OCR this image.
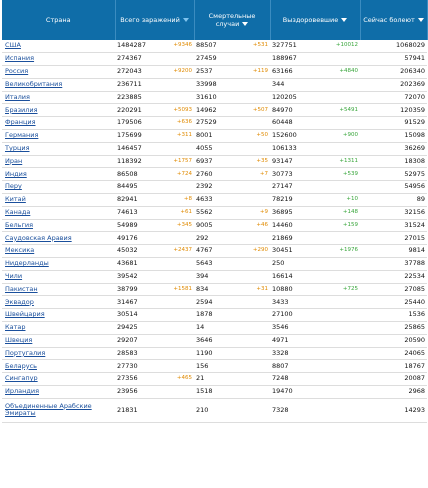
Страна	Всего заражений	Смертельные случаи	Выздоровевшие	Сейчас болеют
США	1484287 +9346	88507 +531	327751 +10012	1068029

Испания	274367	27459	188967	57941

Россия	272043 +9200	2537 +119	63166 +4840	206340

Великобритания	236711	33998	344	202369

Италия	223885	31610	120205	72070

Бразилия	220291 +5093	14962 +507	84970 +5491	120359

Франция	179506 +636	27529	60448	91529

Германия	175699 +311	8001 +50	152600 +900	15098

Турция	146457	4055	106133	36269

Иран	118392 +1757	6937 +35	93147 +1311	18308

Индия	86508 +724	2760 +7	30773 +539	52975

Перу	84495	2392	27147	54956

Китай	82941 +8	4633	78219 +10	89

Канада	74613 +61	5562 +9	36895 +148	32156

Бельгия	54989 +345	9005 +46	14460 +159	31524

Саудовская Аравия	49176	292	21869	27015

Мексика	45032 +2437	4767 +290	30451 +1976	9814

Нидерланды	43681	5643	250	37788

Чили	39542	394	16614	22534

Пакистан	38799 +1581	834 +31	10880 +725	27085

Эквадор	31467	2594	3433	25440

Швейцария	30514	1878	27100	1536

Катар	29425	14	3546	25865

Швеция	29207	3646	4971	20590

Португалия	28583	1190	3328	24065

Беларусь	27730	156	8807	18767

Сингапур	27356 +465	21	7248	20087

Ирландия	23956	1518	19470	2968

Объединенные Арабские Эмираты	21831	210	7328	14293
